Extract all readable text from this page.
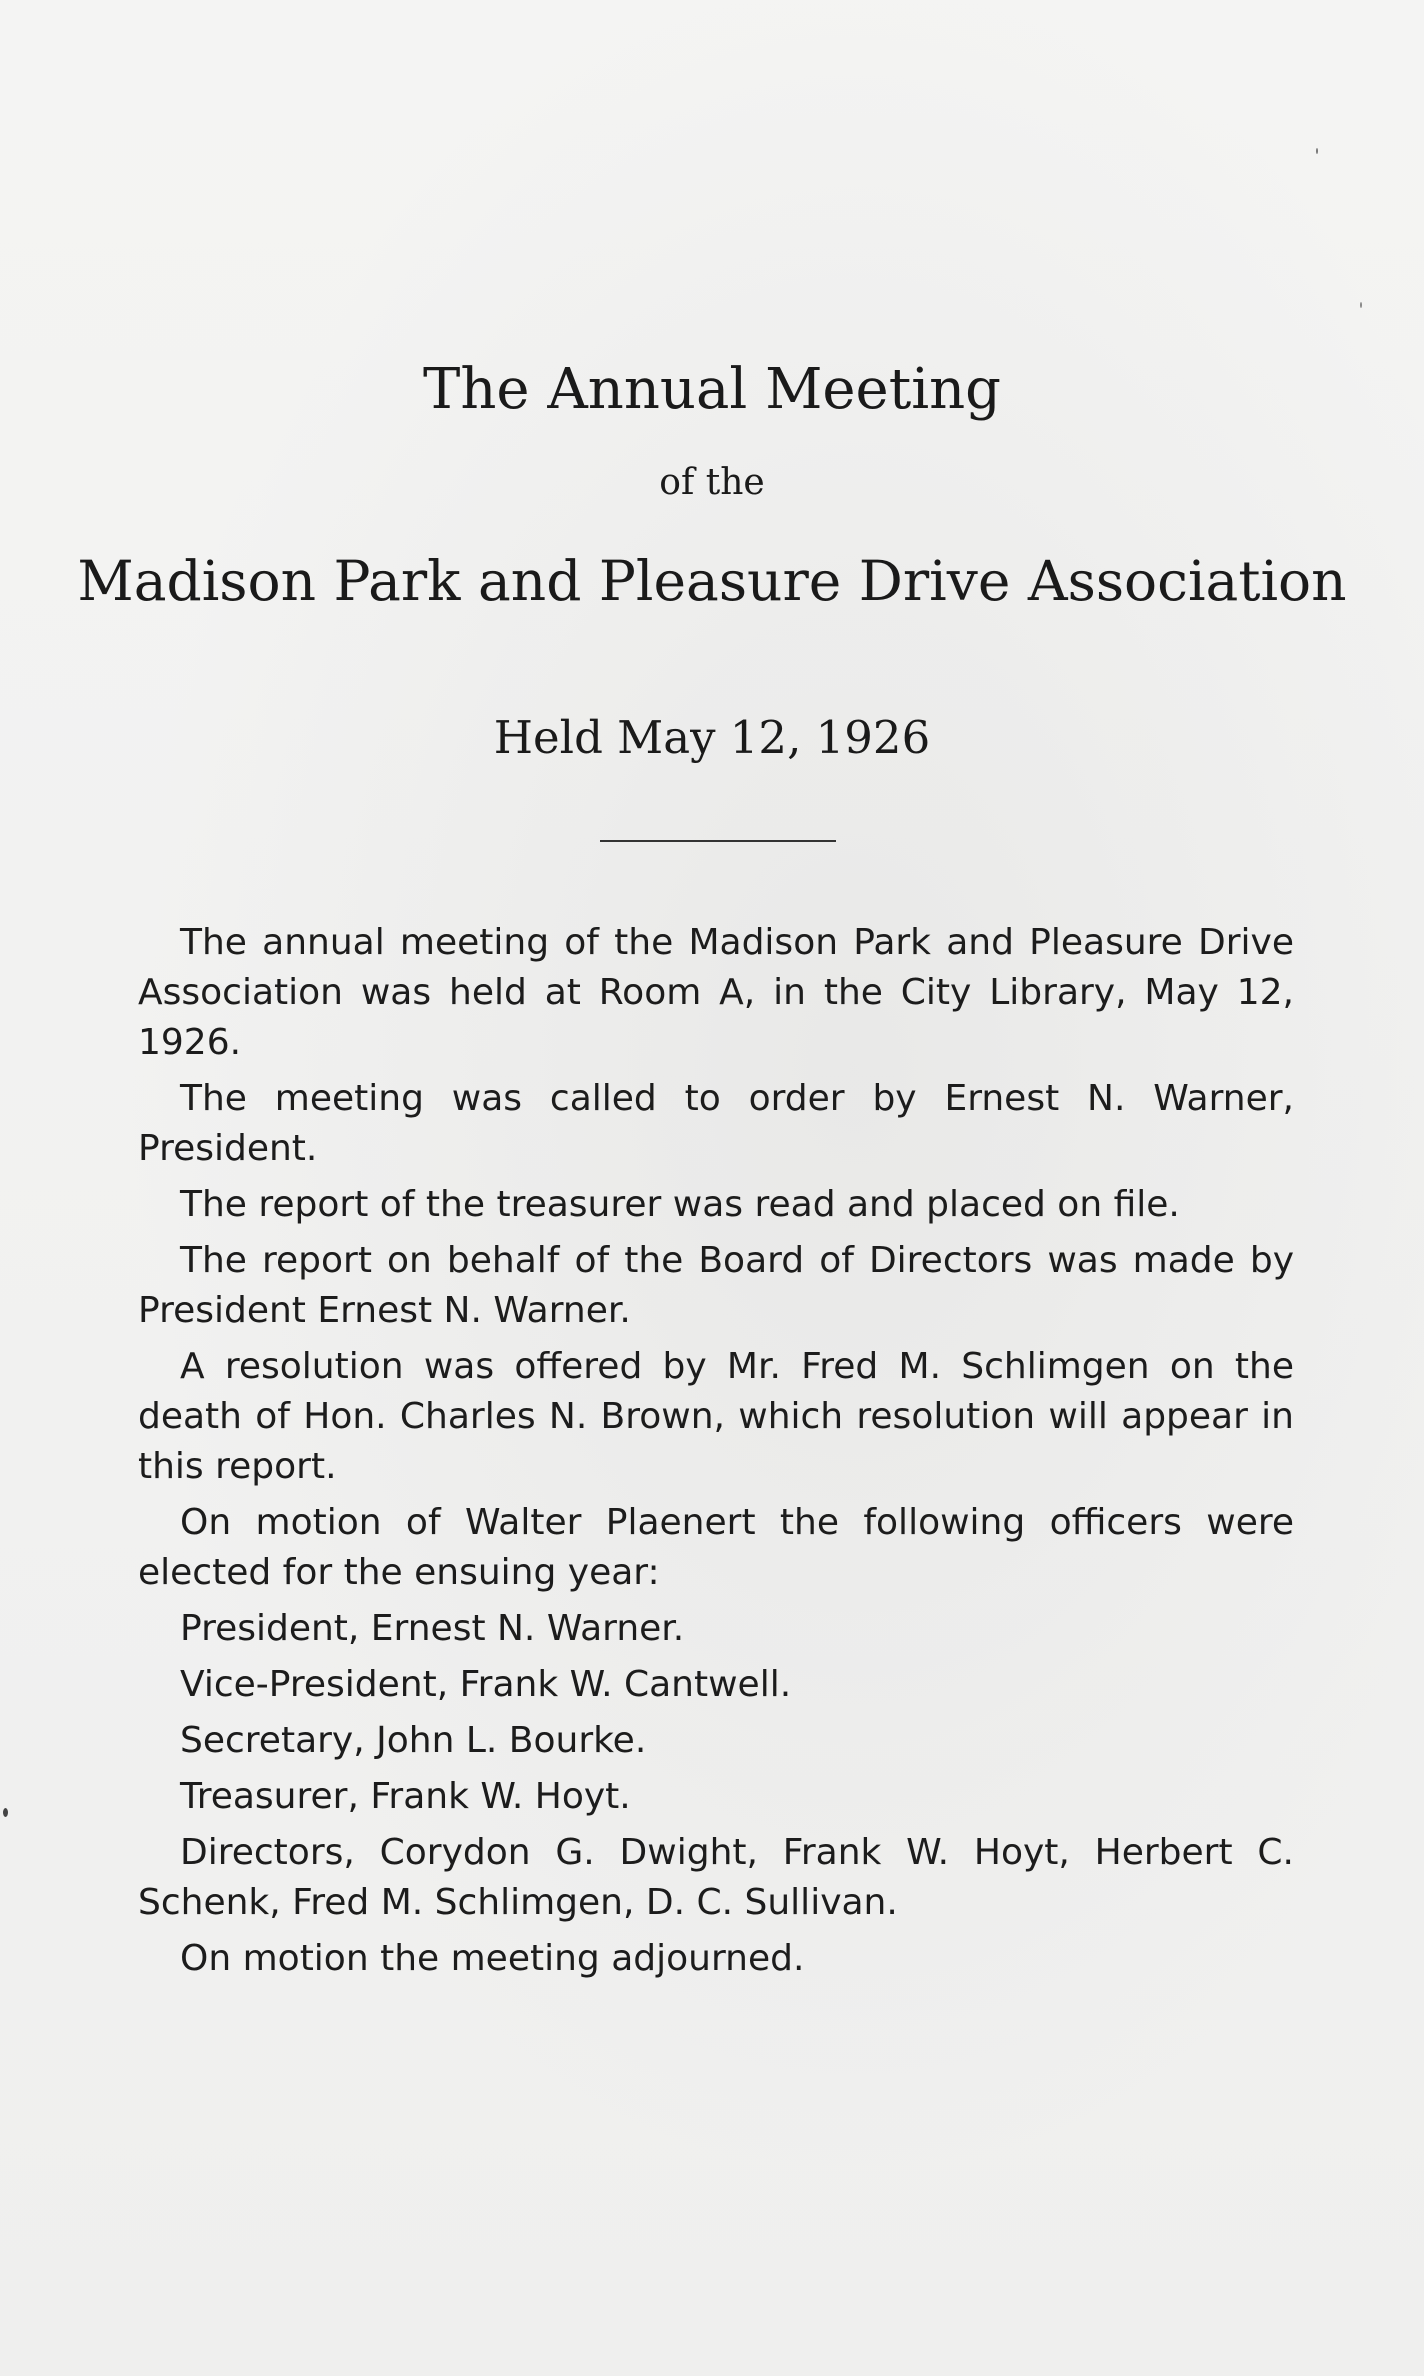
The Annual Meeting
of the
Madison Park and Pleasure Drive Association
Held May 12, 1926

The annual meeting of the Madison Park and Pleasure Drive Association was held at Room A, in the City Library, May 12, 1926.

The meeting was called to order by Ernest N. Warner, President.

The report of the treasurer was read and placed on file.

The report on behalf of the Board of Directors was made by President Ernest N. Warner.

A resolution was offered by Mr. Fred M. Schlimgen on the death of Hon. Charles N. Brown, which resolution will appear in this report.

On motion of Walter Plaenert the following officers were elected for the ensuing year:

President, Ernest N. Warner.

Vice-President, Frank W. Cantwell.

Secretary, John L. Bourke.

Treasurer, Frank W. Hoyt.

Directors, Corydon G. Dwight, Frank W. Hoyt, Herbert C. Schenk, Fred M. Schlimgen, D. C. Sullivan.

On motion the meeting adjourned.
